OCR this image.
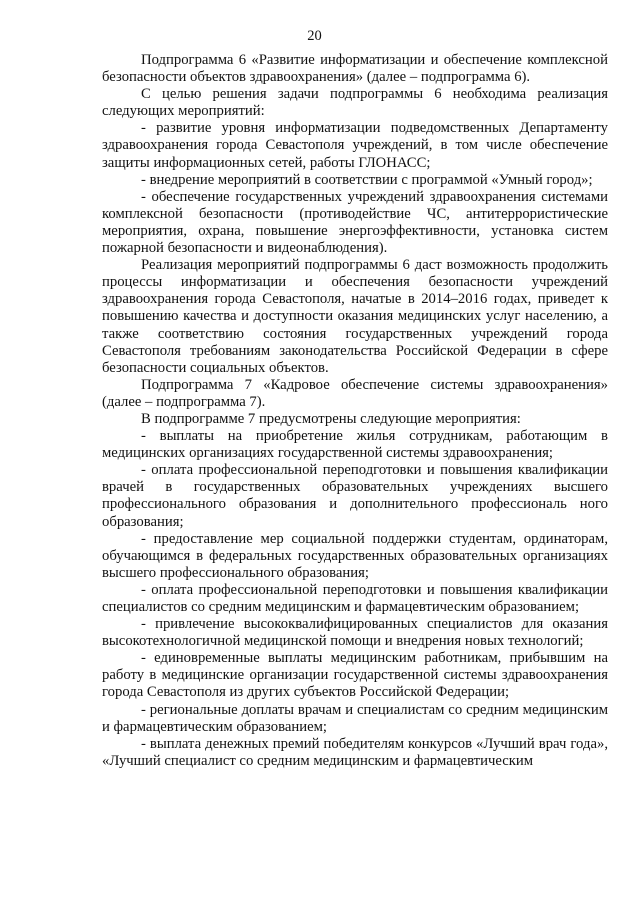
20

Подпрограмма 6 «Развитие информатизации и обеспечение комплексной безопасности объектов здравоохранения» (далее – подпрограмма 6).

С целью решения задачи подпрограммы 6 необходима реализация следующих мероприятий:

- развитие уровня информатизации подведомственных Департаменту здравоохранения города Севастополя учреждений, в том числе обеспечение защиты информационных сетей, работы ГЛОНАСС;

- внедрение мероприятий в соответствии с программой «Умный город»;

- обеспечение государственных учреждений здравоохранения системами комплексной безопасности (противодействие ЧС, антитеррористические мероприятия, охрана, повышение энергоэффективности, установка систем пожарной безопасности и видеонаблюдения).

Реализация мероприятий подпрограммы 6 даст возможность продолжить процессы информатизации и обеспечения безопасности учреждений здравоохранения города Севастополя, начатые в 2014–2016 годах, приведет к повышению качества и доступности оказания медицинских услуг населению, а также соответствию состояния государственных учреждений города Севастополя требованиям законодательства Российской Федерации в сфере безопасности социальных объектов.

Подпрограмма 7 «Кадровое обеспечение системы здравоохранения» (далее – подпрограмма 7).

В подпрограмме 7 предусмотрены следующие мероприятия:

- выплаты на приобретение жилья сотрудникам, работающим в медицинских организациях государственной системы здравоохранения;

- оплата профессиональной переподготовки и повышения квалификации врачей в государственных образовательных учреждениях высшего профессионального образования и дополнительного профессиональ ного образования;

- предоставление мер социальной поддержки студентам, ординаторам, обучающимся в федеральных государственных образовательных организациях высшего профессионального образования;

- оплата профессиональной переподготовки и повышения квалификации специалистов со средним медицинским и фармацевтическим образованием;

- привлечение высококвалифицированных специалистов для оказания высокотехнологичной медицинской помощи и внедрения новых технологий;

- единовременные выплаты медицинским работникам, прибывшим на работу в медицинские организации государственной системы здравоохранения города Севастополя из других субъектов Российской Федерации;

- региональные доплаты врачам и специалистам со средним медицинским и фармацевтическим образованием;

- выплата денежных премий победителям конкурсов «Лучший врач года», «Лучший специалист со средним медицинским и фармацевтическим
